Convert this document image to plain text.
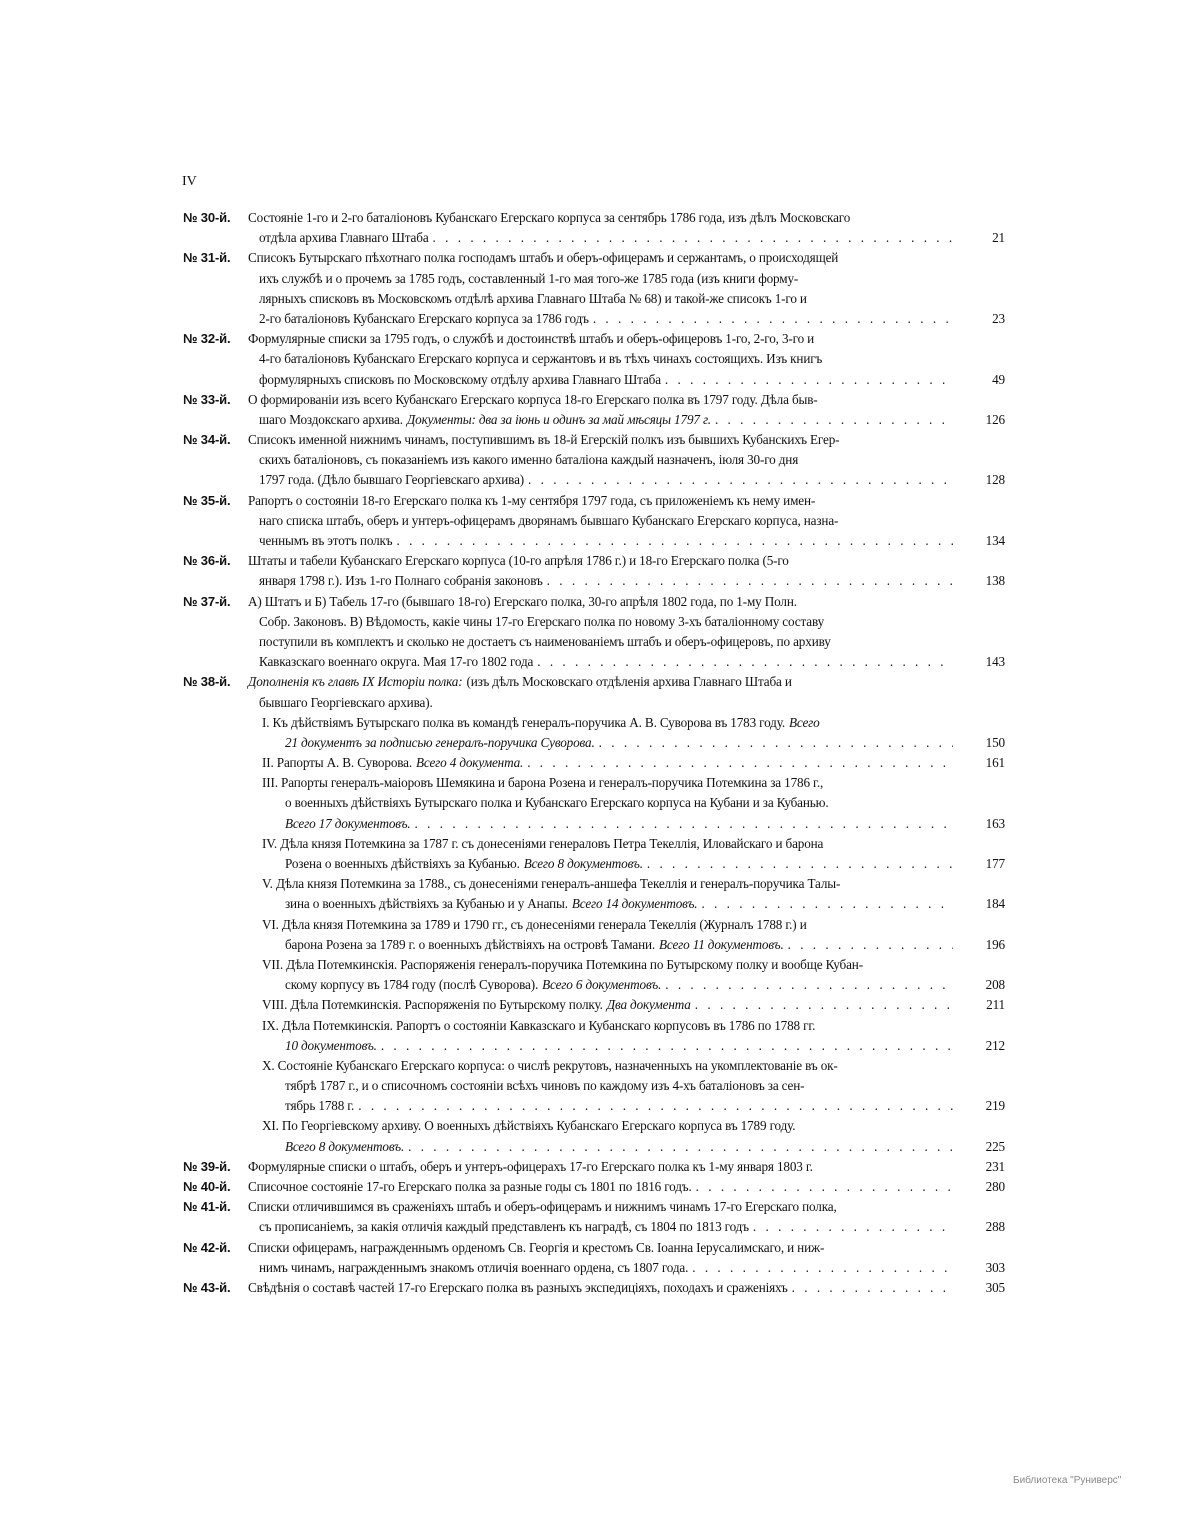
IV
№ 30-й. Состоянiе 1-го и 2-го баталiоновъ Кубанскаго Егерскаго корпуса за сентябрь 1786 года, изъ дѣлъ Московскаго
отдѣла архива Главнаго Штаба . . .	21
№ 31-й. Списокъ Бутырскаго пѣхотнаго полка господамъ штабъ и оберъ-офицерамъ и сержантамъ, о происходящей
ихъ службѣ и о прочемъ за 1785 годъ, составленный 1-го мая того-же 1785 года (изъ книги форму-
лярныхъ списковъ въ Московскомъ отдѣлѣ архива Главнаго Штаба № 68) и такой-же списокъ 1-го и
2-го баталiоновъ Кубанскаго Егерскаго корпуса за 1786 годъ . . .	23
№ 32-й. Формулярные списки за 1795 годъ, о службѣ и достоинствѣ штабъ и оберъ-офицеровъ 1-го, 2-го, 3-го и
4-го баталiоновъ Кубанскаго Егерскаго корпуса и сержантовъ и въ тѣхъ чинахъ состоящихъ. Изъ книгъ
формулярныхъ списковъ по Московскому отдѣлу архива Главнаго Штаба . . .	49
№ 33-й. О формированiи изъ всего Кубанскаго Егерскаго корпуса 18-го Егерскаго полка въ 1797 году. Дѣла быв-
шаго Моздокскаго архива. Документы: два за iюнь и одинъ за май мѣсяцы 1797 г. . . .	126
№ 34-й. Списокъ именной нижнимъ чинамъ, поступившимъ въ 18-й Егерскiй полкъ изъ бывшихъ Кубанскихъ Егер-
скихъ баталiоновъ, съ показанiемъ изъ какого именно баталiона каждый назначенъ, iюля 30-го дня
1797 года. (Дѣло бывшаго Георгiевскаго архива) . . .	128
№ 35-й. Рапортъ о состоянiи 18-го Егерскаго полка къ 1-му сентября 1797 года, съ приложенiемъ къ нему имен-
наго списка штабъ, оберъ и унтеръ-офицерамъ дворянамъ бывшаго Кубанскаго Егерскаго корпуса, назна-
ченнымъ въ этотъ полкъ . . .	134
№ 36-й. Штаты и табели Кубанскаго Егерскаго корпуса (10-го апрѣля 1786 г.) и 18-го Егерскаго полка (5-го
января 1798 г.). Изъ 1-го Полнаго собранiя законовъ . . .	138
№ 37-й. А) Штатъ и Б) Табель 17-го (бывшаго 18-го) Егерскаго полка, 30-го апрѣля 1802 года, по 1-му Полн.
Собр. Законовъ. В) Вѣдомость, какiе чины 17-го Егерскаго полка по новому 3-хъ баталiонному составу
поступили въ комплектъ и сколько не достаетъ съ наименованiемъ штабъ и оберъ-офицеровъ, по архиву
Кавказскаго военнаго округа. Мая 17-го 1802 года . . .	143
№ 38-й. Дополненiя къ главѣ IX Исторiи полка: (изъ дѣлъ Московскаго отдѣленiя архива Главнаго Штаба и
бывшаго Георгiевскаго архива).
I. Къ дѣйствiямъ Бутырскаго полка въ командѣ генералъ-поручика А. В. Суворова въ 1783 году. Всего
21 документъ за подписью генералъ-поручика Суворова. . . .	150
II. Рапорты А. В. Суворова. Всего 4 документа. . . .	161
III. Рапорты генералъ-маiоровъ Шемякина и барона Розена и генералъ-поручика Потемкина за 1786 г.,
о военныхъ дѣйствiяхъ Бутырскаго полка и Кубанскаго Егерскаго корпуса на Кубани и за Кубанью.
Всего 17 документовъ. . . .	163
IV. Дѣла князя Потемкина за 1787 г. съ донесенiями генераловъ Петра Текеллiя, Иловайскаго и барона
Розена о военныхъ дѣйствiяхъ за Кубанью. Всего 8 документовъ. . . .	177
V. Дѣла князя Потемкина за 1788., съ донесенiями генералъ-аншефа Текеллiя и генералъ-поручика Талы-
зина о военныхъ дѣйствiяхъ за Кубанью и у Анапы. Всего 14 документовъ. . . .	184
VI. Дѣла князя Потемкина за 1789 и 1790 гг., съ донесенiями генерала Текеллiя (Журналъ 1788 г.) и
барона Розена за 1789 г. о военныхъ дѣйствiяхъ на островѣ Тамани. Всего 11 документовъ. . . .	196
VII. Дѣла Потемкинскiя. Распоряженiя генералъ-поручика Потемкина по Бутырскому полку и вообще Кубан-
скому корпусу въ 1784 году (послѣ Суворова). Всего 6 документовъ. . . .	208
VIII. Дѣла Потемкинскiя. Распоряженiя по Бутырскому полку. Два документа . . .	211
IX. Дѣла Потемкинскiя. Рапортъ о состоянiи Кавказскаго и Кубанскаго корпусовъ въ 1786 по 1788 гг.
10 документовъ. . . .	212
X. Состоянiе Кубанскаго Егерскаго корпуса: о числѣ рекрутовъ, назначенныхъ на укомплектованiе въ ок-
тябрѣ 1787 г., и о списочномъ состоянiи всѣхъ чиновъ по каждому изъ 4-хъ баталiоновъ за сен-
тябрь 1788 г. . . .	219
XI. По Георгiевскому архиву. О военныхъ дѣйствiяхъ Кубанскаго Егерскаго корпуса въ 1789 году.
Всего 8 документовъ. . . .	225
№ 39-й. Формулярные списки о штабъ, оберъ и унтеръ-офицерахъ 17-го Егерскаго полка къ 1-му января 1803 г.	231
№ 40-й. Списочное состоянiе 17-го Егерскаго полка за разные годы съ 1801 по 1816 годъ. . . .	280
№ 41-й. Списки отличившимся въ сраженiяхъ штабъ и оберъ-офицерамъ и нижнимъ чинамъ 17-го Егерскаго полка,
съ прописанiемъ, за какiя отличiя каждый представленъ къ наградѣ, съ 1804 по 1813 годъ . . .	288
№ 42-й. Списки офицерамъ, награжденнымъ орденомъ Св. Георгiя и крестомъ Св. Iоанна Iерусалимскаго, и ниж-
нимъ чинамъ, награжденнымъ знакомъ отличiя военнаго ордена, съ 1807 года. . . .	303
№ 43-й. Свѣдѣнiя о составѣ частей 17-го Егерскаго полка въ разныхъ экспедицiяхъ, походахъ и сраженiяхъ . . .	305
Библиотека "Руниверс"
